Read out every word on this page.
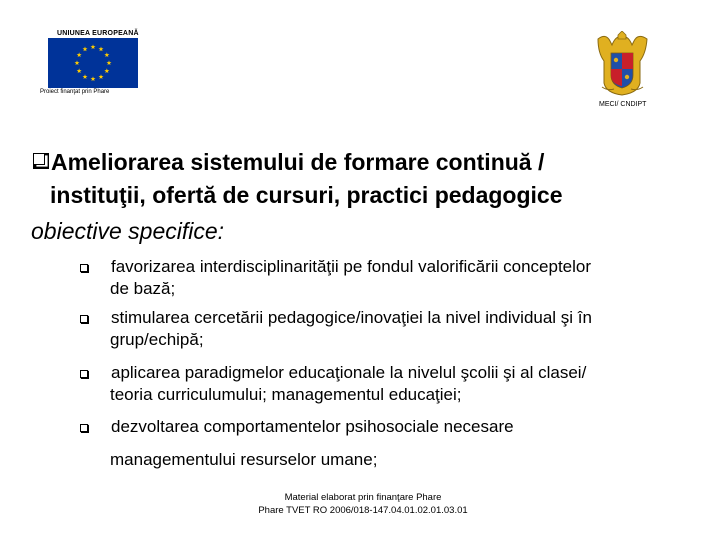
UNIUNEA EUROPEANĂ
Proiect finanţat prin Phare
MECI/ CNDIPT
Ameliorarea sistemului de formare continuă /
instituţii, ofertă de cursuri, practici pedagogice
obiective specifice:
favorizarea interdisciplinarităţii pe fondul valorificării conceptelor
de bază;
stimularea cercetării pedagogice/inovaţiei la nivel individual şi în
grup/echipă;
aplicarea paradigmelor educaţionale la nivelul şcolii şi al clasei/
teoria curriculumului; managementul educaţiei;
dezvoltarea comportamentelor psihosociale necesare
managementului resurselor umane;
Material elaborat prin finanţare Phare
Phare TVET RO 2006/018-147.04.01.02.01.03.01
